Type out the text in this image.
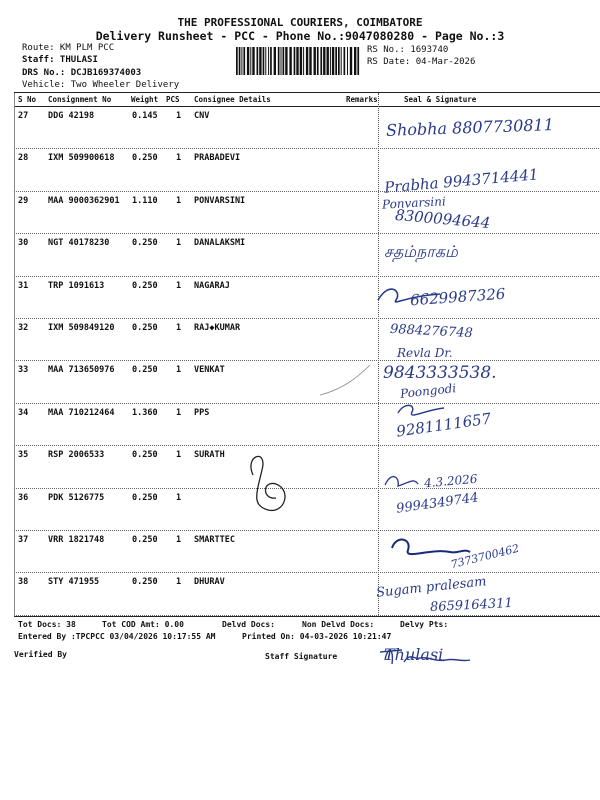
THE PROFESSIONAL COURIERS, COIMBATORE
Delivery Runsheet - PCC - Phone No.:9047080280 - Page No.:3
Route: KM PLM PCC
Staff: THULASI
DRS No.: DCJB169374003
Vehicle: Two Wheeler Delivery
RS No.: 1693740
RS Date: 04-Mar-2026
S No Consignment No	Weight PCS Consignee Details	Remarks	Seal & Signature
27 DDG 42198	0.145 1 CNV
28 IXM 509900618 0.250 1 PRABADEVI
29 MAA 9000362901 1.110 1 PONVARSINI
30 NGT 40178230	0.250 1 DANALAKSMI
31 TRP 1091613	0.250 1 NAGARAJ
32 IXM 509849120 0.250 1 RAJ◆KUMAR
33 MAA 713650976 0.250 1 VENKAT
34 MAA 710212464 1.360 1 PPS
35 RSP 2006533	0.250 1 SURATH
36 PDK 5126775	0.250 1
37 VRR 1821748	0.250 1 SMARTTEC
38 STY 471955	0.250 1 DHURAV
Shobha 8807730811
Prabha 9943714441
Ponvarsini
8300094644
சதம்நாகம்
6629987326
9884276748
Revla Dr.
9843333538.
Poongodi
9281111657
4.3.2026
9994349744
7373700462
Sugam pralesam
8659164311
Tot Docs: 38	Tot COD Amt: 0.00	Delvd Docs:	Non Delvd Docs:	Delvy Pts:
Entered By :TPCPCC 03/04/2026 10:17:55 AM	Printed On: 04-03-2026 10:21:47
Verified By	Staff Signature	Thulasi
